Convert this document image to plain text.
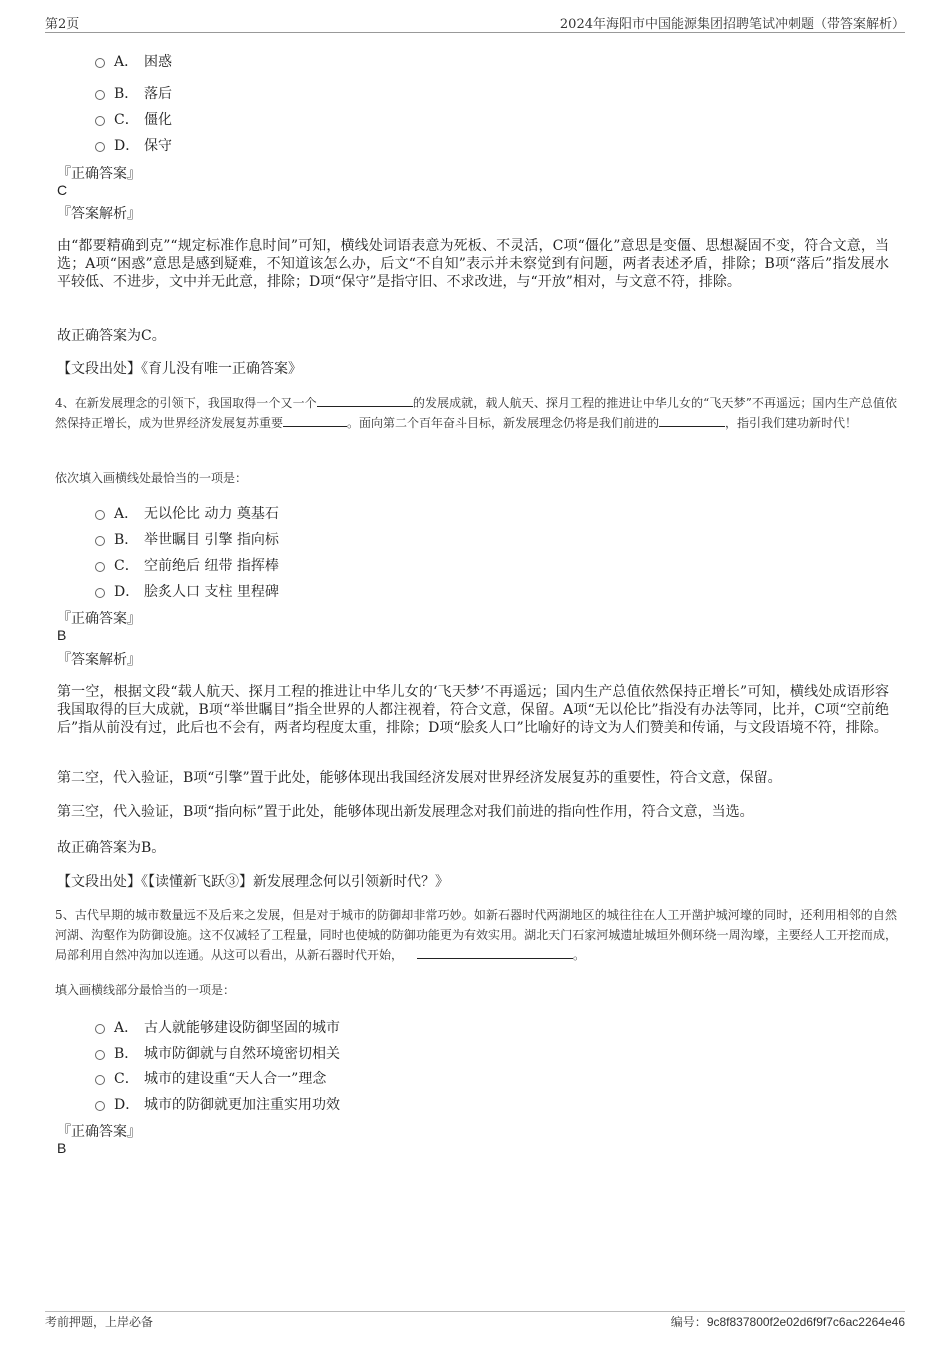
第2页	2024年海阳市中国能源集团招聘笔试冲刺题（带答案解析）
A． 困惑
B． 落后
C． 僵化
D． 保守
『正确答案』
C
『答案解析』

由“都要精确到克”“规定标准作息时间”可知，横线处词语表意为死板、不灵活，C项“僵化”意思是变僵、思想凝固不变，符合文意，当选；A项“困惑”意思是感到疑难，不知道该怎么办，后文“不自知”表示并未察觉到有问题，两者表述矛盾，排除；B项“落后”指发展水平较低、不进步，文中并无此意，排除；D项“保守”是指守旧、不求改进，与“开放”相对，与文意不符，排除。

故正确答案为C。
【文段出处】《育儿没有唯一正确答案》

4、在新发展理念的引领下，我国取得一个又一个	的发展成就，载人航天、探月工程的推进让中华儿女的“飞天梦”不再遥远；国内生产总值依然保持正增长，成为世界经济发展复苏重要	。面向第二个百年奋斗目标，新发展理念仍将是我们前进的	，指引我们建功新时代！

依次填入画横线处最恰当的一项是：
A． 无以伦比 动力 奠基石
B． 举世瞩目 引擎 指向标
C． 空前绝后 纽带 指挥棒
D． 脍炙人口 支柱 里程碑
『正确答案』
B
『答案解析』

第一空，根据文段“载人航天、探月工程的推进让中华儿女的‘飞天梦’不再遥远；国内生产总值依然保持正增长”可知，横线处成语形容我国取得的巨大成就，B项“举世瞩目”指全世界的人都注视着，符合文意，保留。A项“无以伦比”指没有办法等同，比并，C项“空前绝后”指从前没有过，此后也不会有，两者均程度太重，排除；D项“脍炙人口”比喻好的诗文为人们赞美和传诵，与文段语境不符，排除。

第二空，代入验证，B项“引擎”置于此处，能够体现出我国经济发展对世界经济发展复苏的重要性，符合文意，保留。

第三空，代入验证，B项“指向标”置于此处，能够体现出新发展理念对我们前进的指向性作用，符合文意，当选。

故正确答案为B。
【文段出处】《【读懂新飞跃③】新发展理念何以引领新时代？》

5、古代早期的城市数量远不及后来之发展，但是对于城市的防御却非常巧妙。如新石器时代两湖地区的城往往在人工开凿护城河壕的同时，还利用相邻的自然河湖、沟壑作为防御设施。这不仅减轻了工程量，同时也使城的防御功能更为有效实用。湖北天门石家河城遗址城垣外侧环绕一周沟壕，主要经人工开挖而成，局部利用自然冲沟加以连通。从这可以看出，从新石器时代开始，	。

填入画横线部分最恰当的一项是：
A． 古人就能够建设防御坚固的城市
B． 城市防御就与自然环境密切相关
C． 城市的建设重“天人合一”理念
D． 城市的防御就更加注重实用功效
『正确答案』
B
考前押题，上岸必备	编号：9c8f837800f2e02d6f9f7c6ac2264e46
